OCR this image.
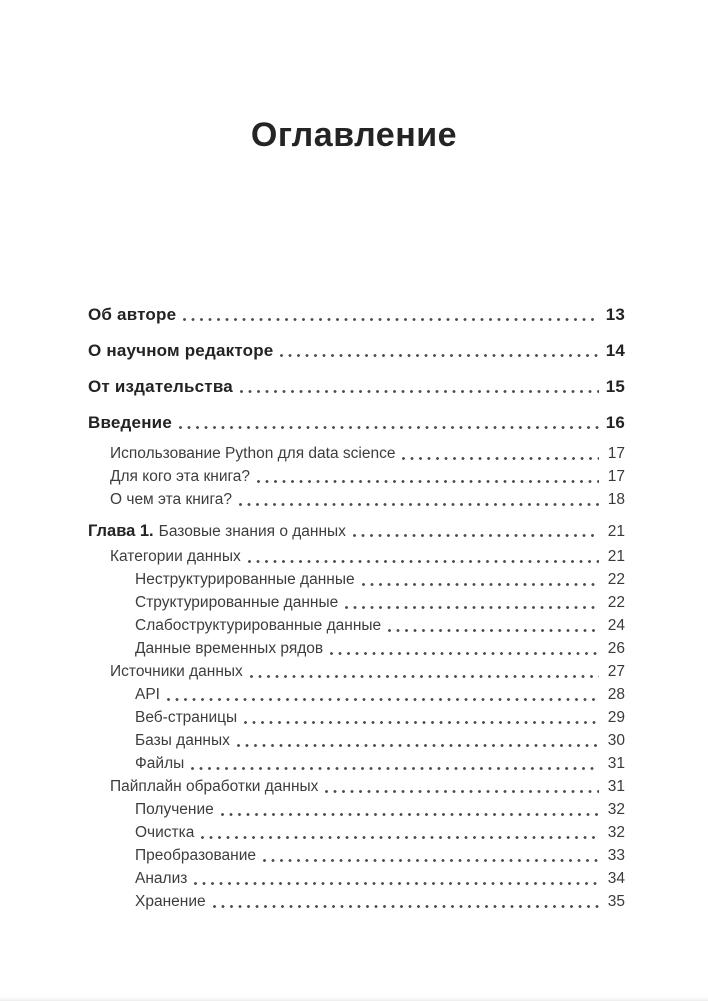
Оглавление
Об авторе	13
О научном редакторе	14
От издательства	15
Введение	16
Использование Python для data science	17
Для кого эта книга?	17
О чем эта книга?	18
Глава 1. Базовые знания о данных	21
Категории данных	21
Неструктурированные данные	22
Структурированные данные	22
Слабоструктурированные данные	24
Данные временных рядов	26
Источники данных	27
API	28
Веб-страницы	29
Базы данных	30
Файлы	31
Пайплайн обработки данных	31
Получение	32
Очистка	32
Преобразование	33
Анализ	34
Хранение	35
